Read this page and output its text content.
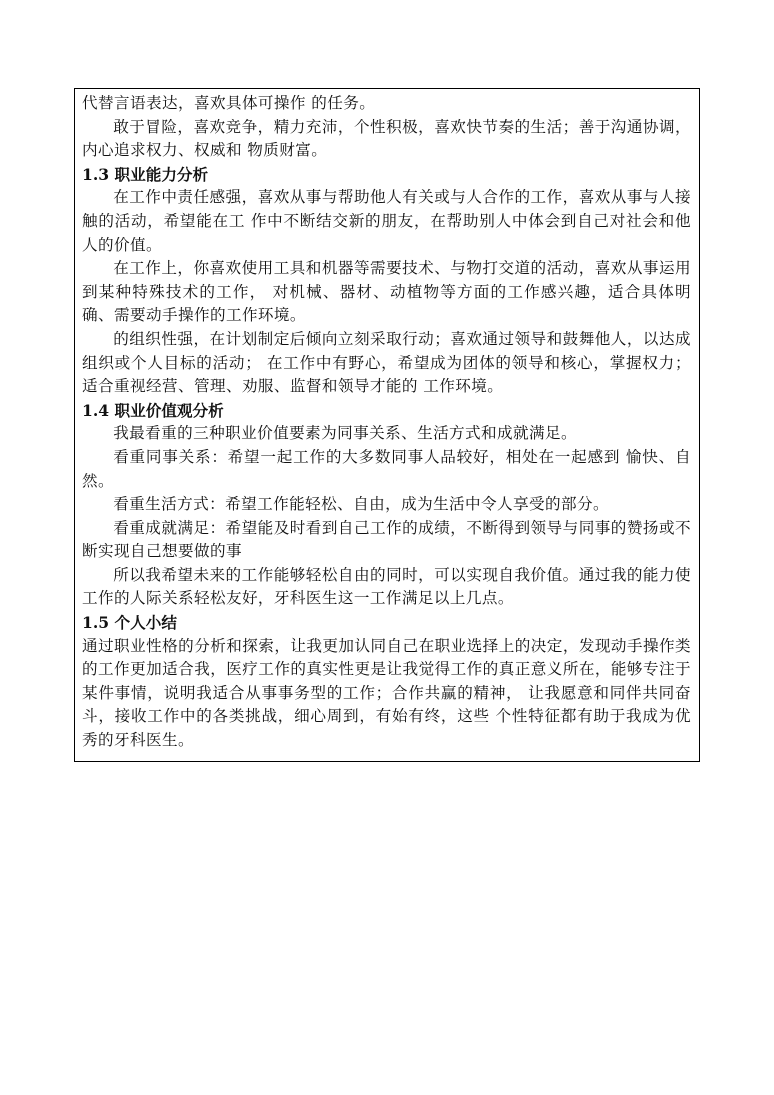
代替言语表达，喜欢具体可操作 的任务。

敢于冒险，喜欢竞争，精力充沛，个性积极，喜欢快节奏的生活；善于沟通协调，内心追求权力、权威和 物质财富。

1.3 职业能力分析

在工作中责任感强，喜欢从事与帮助他人有关或与人合作的工作，喜欢从事与人接触的活动，希望能在工 作中不断结交新的朋友，在帮助别人中体会到自己对社会和他人的价值。

在工作上，你喜欢使用工具和机器等需要技术、与物打交道的活动，喜欢从事运用到某种特殊技术的工作， 对机械、器材、动植物等方面的工作感兴趣，适合具体明确、需要动手操作的工作环境。

的组织性强，在计划制定后倾向立刻采取行动；喜欢通过领导和鼓舞他人，以达成组织或个人目标的活动； 在工作中有野心，希望成为团体的领导和核心，掌握权力；适合重视经营、管理、劝服、监督和领导才能的 工作环境。

1.4 职业价值观分析

我最看重的三种职业价值要素为同事关系、生活方式和成就满足。

看重同事关系：希望一起工作的大多数同事人品较好，相处在一起感到 愉快、自然。

看重生活方式：希望工作能轻松、自由，成为生活中令人享受的部分。

看重成就满足：希望能及时看到自己工作的成绩，不断得到领导与同事的赞扬或不断实现自己想要做的事

所以我希望未来的工作能够轻松自由的同时，可以实现自我价值。通过我的能力使工作的人际关系轻松友好，牙科医生这一工作满足以上几点。

1.5 个人小结

通过职业性格的分析和探索，让我更加认同自己在职业选择上的决定，发现动手操作类的工作更加适合我，医疗工作的真实性更是让我觉得工作的真正意义所在，能够专注于某件事情，说明我适合从事事务型的工作；合作共赢的精神， 让我愿意和同伴共同奋斗，接收工作中的各类挑战，细心周到，有始有终，这些 个性特征都有助于我成为优秀的牙科医生。
